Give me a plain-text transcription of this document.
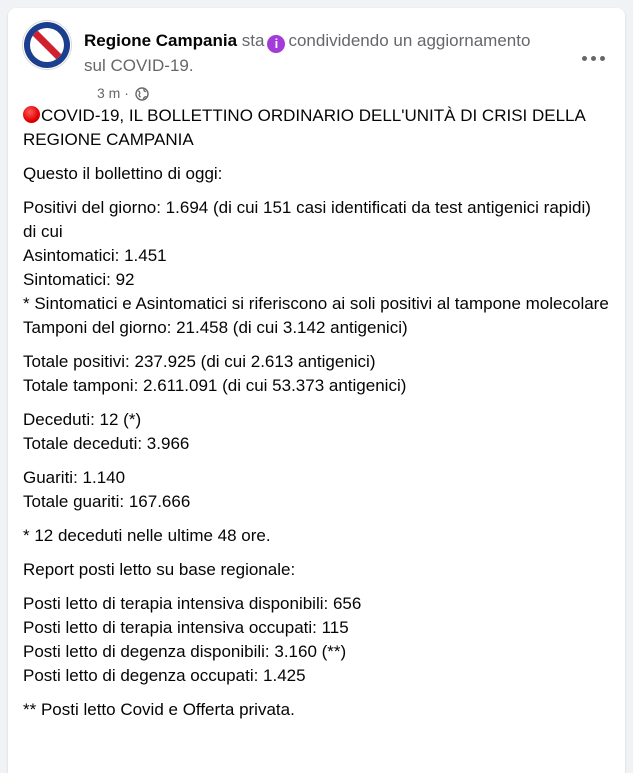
Regione Campania sta i condividendo un aggiornamento sul COVID-19.
3 m ·

COVID-19, IL BOLLETTINO ORDINARIO DELL'UNITÀ DI CRISI DELLA REGIONE CAMPANIA

Questo il bollettino di oggi:

Positivi del giorno: 1.694 (di cui 151 casi identificati da test antigenici rapidi)
di cui
Asintomatici: 1.451
Sintomatici: 92
* Sintomatici e Asintomatici si riferiscono ai soli positivi al tampone molecolare
Tamponi del giorno: 21.458 (di cui 3.142 antigenici)

Totale positivi: 237.925 (di cui 2.613 antigenici)
Totale tamponi: 2.611.091 (di cui 53.373 antigenici)

Deceduti: 12 (*)
Totale deceduti: 3.966

Guariti: 1.140
Totale guariti: 167.666

* 12 deceduti nelle ultime 48 ore.

Report posti letto su base regionale:

Posti letto di terapia intensiva disponibili: 656
Posti letto di terapia intensiva occupati: 115
Posti letto di degenza disponibili: 3.160 (**)
Posti letto di degenza occupati: 1.425

** Posti letto Covid e Offerta privata.
